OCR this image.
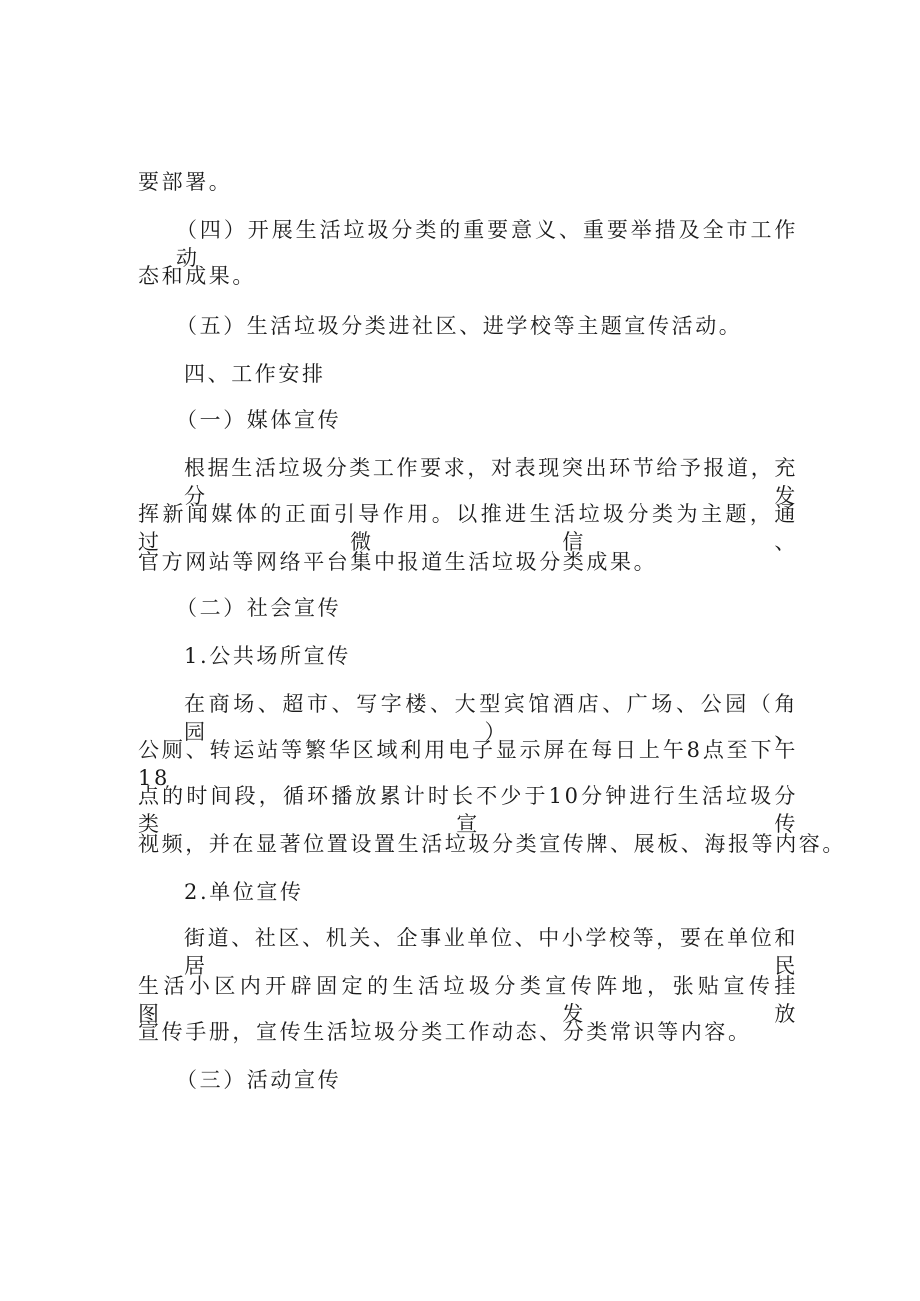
要部署。
（四）开展生活垃圾分类的重要意义、重要举措及全市工作动
态和成果。
（五）生活垃圾分类进社区、进学校等主题宣传活动。
四、工作安排
（一）媒体宣传
根据生活垃圾分类工作要求，对表现突出环节给予报道，充分发
挥新闻媒体的正面引导作用。以推进生活垃圾分类为主题，通过微信、
官方网站等网络平台集中报道生活垃圾分类成果。
（二）社会宣传
1.公共场所宣传
在商场、超市、写字楼、大型宾馆酒店、广场、公园（角园）、
公厕、转运站等繁华区域利用电子显示屏在每日上午8点至下午18
点的时间段，循环播放累计时长不少于10分钟进行生活垃圾分类宣传
视频，并在显著位置设置生活垃圾分类宣传牌、展板、海报等内容。
2.单位宣传
街道、社区、机关、企事业单位、中小学校等，要在单位和居民
生活小区内开辟固定的生活垃圾分类宣传阵地，张贴宣传挂图，发放
宣传手册，宣传生活垃圾分类工作动态、分类常识等内容。
（三）活动宣传
